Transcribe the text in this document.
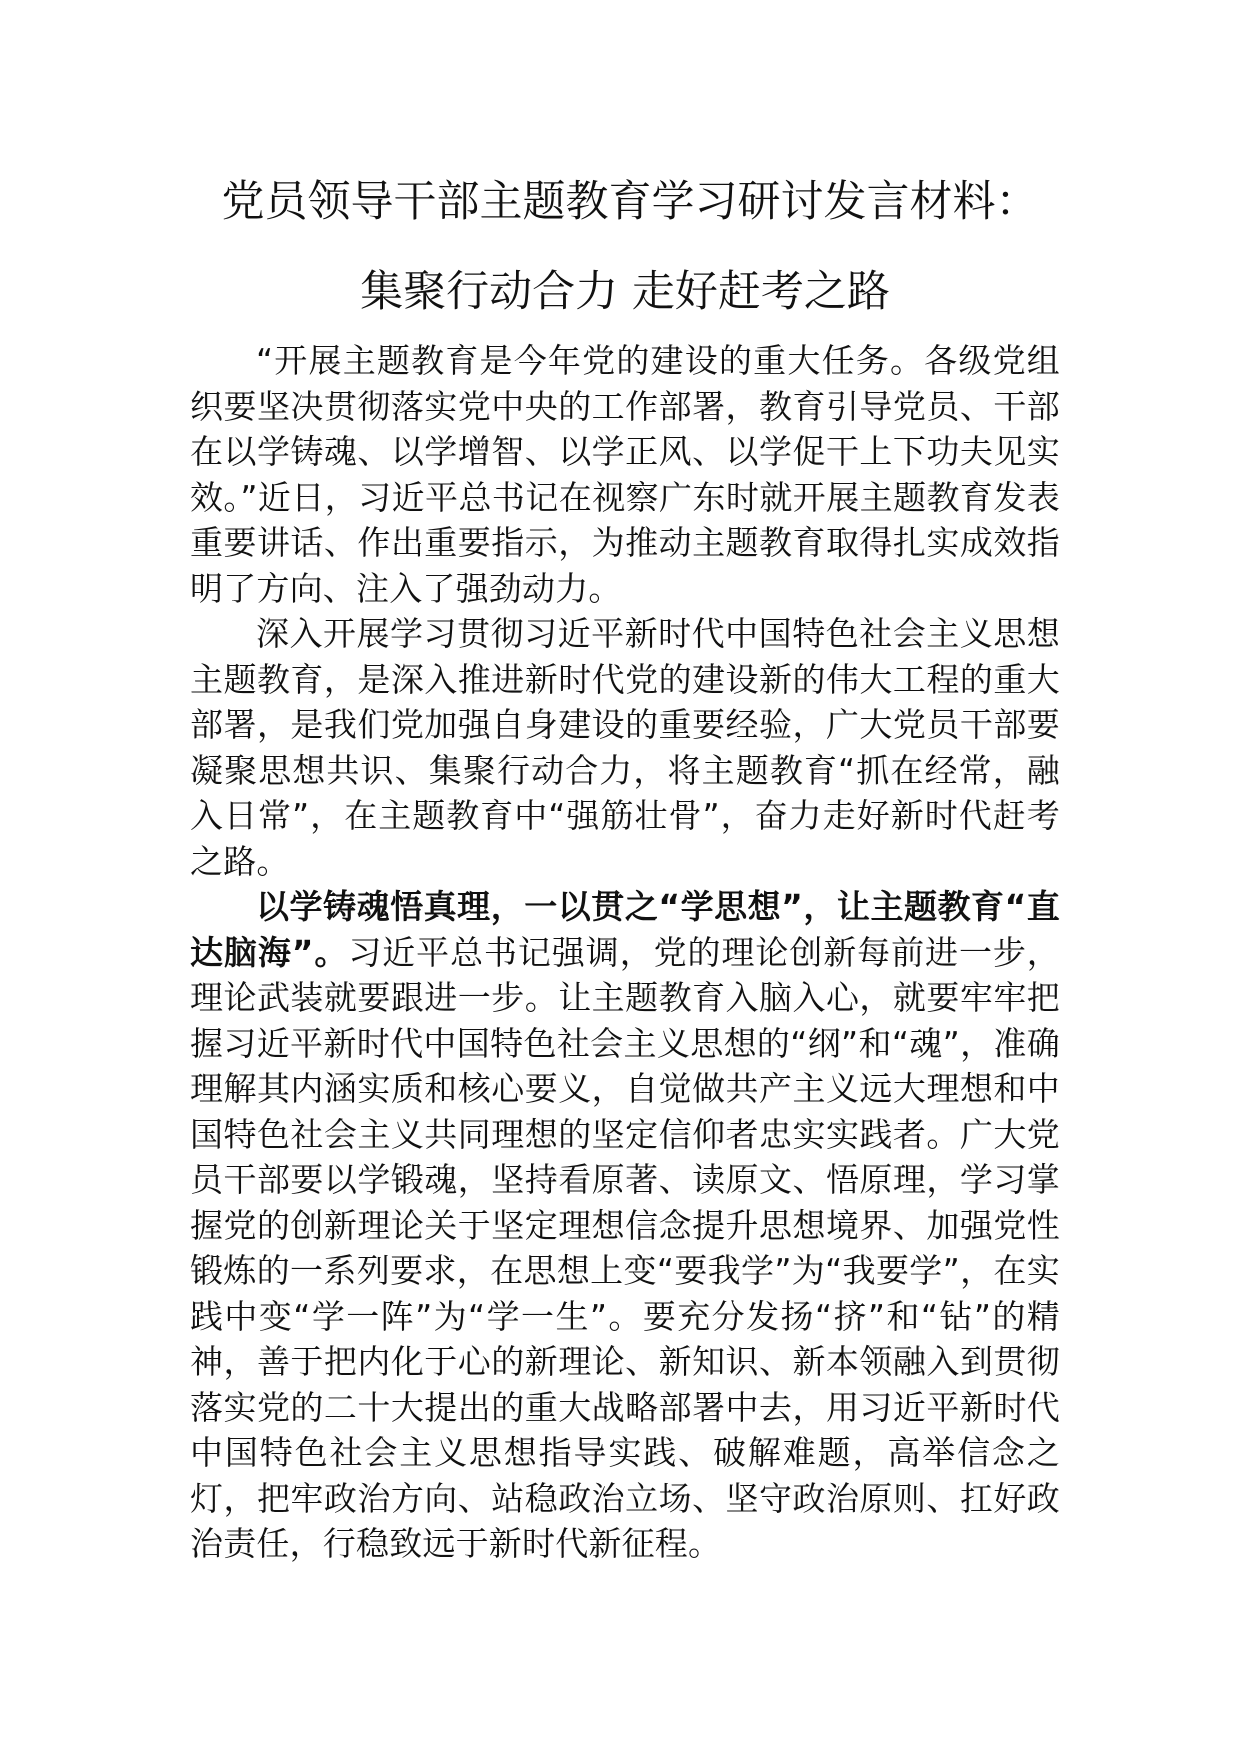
党员领导干部主题教育学习研讨发言材料：
集聚行动合力 走好赶考之路

“开展主题教育是今年党的建设的重大任务。各级党组织要坚决贯彻落实党中央的工作部署，教育引导党员、干部在以学铸魂、以学增智、以学正风、以学促干上下功夫见实效。”近日，习近平总书记在视察广东时就开展主题教育发表重要讲话、作出重要指示，为推动主题教育取得扎实成效指明了方向、注入了强劲动力。

深入开展学习贯彻习近平新时代中国特色社会主义思想主题教育，是深入推进新时代党的建设新的伟大工程的重大部署，是我们党加强自身建设的重要经验，广大党员干部要凝聚思想共识、集聚行动合力，将主题教育“抓在经常，融入日常”，在主题教育中“强筋壮骨”，奋力走好新时代赶考之路。

以学铸魂悟真理，一以贯之“学思想”，让主题教育“直达脑海”。习近平总书记强调，党的理论创新每前进一步，理论武装就要跟进一步。让主题教育入脑入心，就要牢牢把握习近平新时代中国特色社会主义思想的“纲”和“魂”，准确理解其内涵实质和核心要义，自觉做共产主义远大理想和中国特色社会主义共同理想的坚定信仰者忠实实践者。广大党员干部要以学锻魂，坚持看原著、读原文、悟原理，学习掌握党的创新理论关于坚定理想信念提升思想境界、加强党性锻炼的一系列要求，在思想上变“要我学”为“我要学”，在实践中变“学一阵”为“学一生”。要充分发扬“挤”和“钻”的精神，善于把内化于心的新理论、新知识、新本领融入到贯彻落实党的二十大提出的重大战略部署中去，用习近平新时代中国特色社会主义思想指导实践、破解难题，高举信念之灯，把牢政治方向、站稳政治立场、坚守政治原则、扛好政治责任，行稳致远于新时代新征程。
